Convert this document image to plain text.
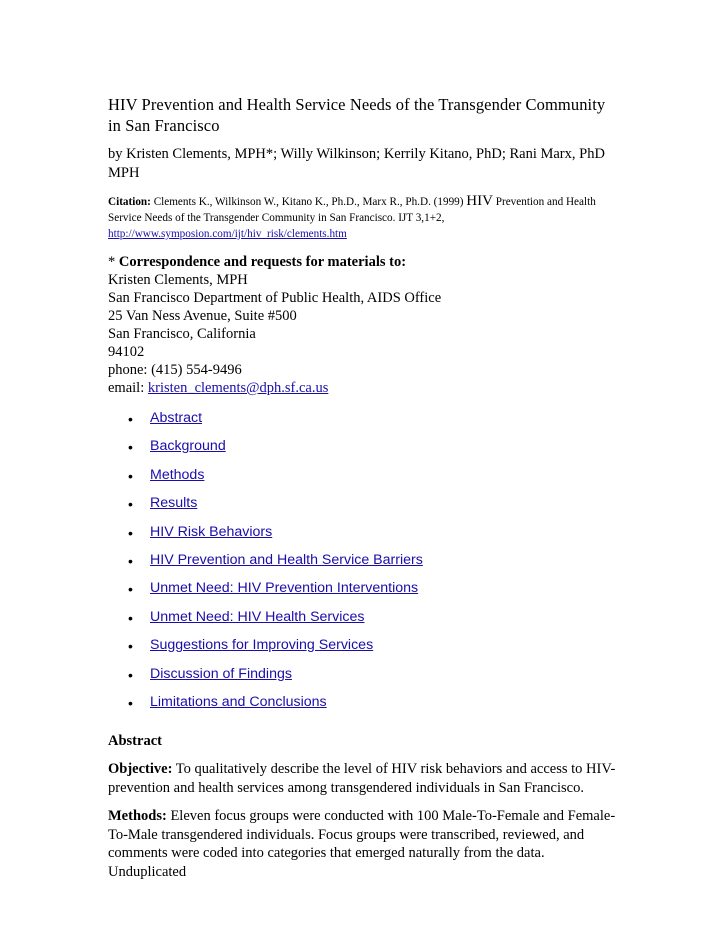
HIV Prevention and Health Service Needs of the Transgender Community in San Francisco
by Kristen Clements, MPH*; Willy Wilkinson; Kerrily Kitano, PhD; Rani Marx, PhD MPH
Citation: Clements K., Wilkinson W., Kitano K., Ph.D., Marx R., Ph.D. (1999) HIV Prevention and Health Service Needs of the Transgender Community in San Francisco. IJT 3,1+2,
http://www.symposion.com/ijt/hiv_risk/clements.htm
* Correspondence and requests for materials to:
Kristen Clements, MPH
San Francisco Department of Public Health, AIDS Office
25 Van Ness Avenue, Suite #500
San Francisco, California
94102
phone: (415) 554-9496
email: kristen_clements@dph.sf.ca.us
• Abstract
• Background
• Methods
• Results
• HIV Risk Behaviors
• HIV Prevention and Health Service Barriers
• Unmet Need: HIV Prevention Interventions
• Unmet Need: HIV Health Services
• Suggestions for Improving Services
• Discussion of Findings
• Limitations and Conclusions
Abstract
Objective: To qualitatively describe the level of HIV risk behaviors and access to HIV-prevention and health services among transgendered individuals in San Francisco.
Methods: Eleven focus groups were conducted with 100 Male-To-Female and Female-To-Male transgendered individuals. Focus groups were transcribed, reviewed, and comments were coded into categories that emerged naturally from the data. Unduplicated
